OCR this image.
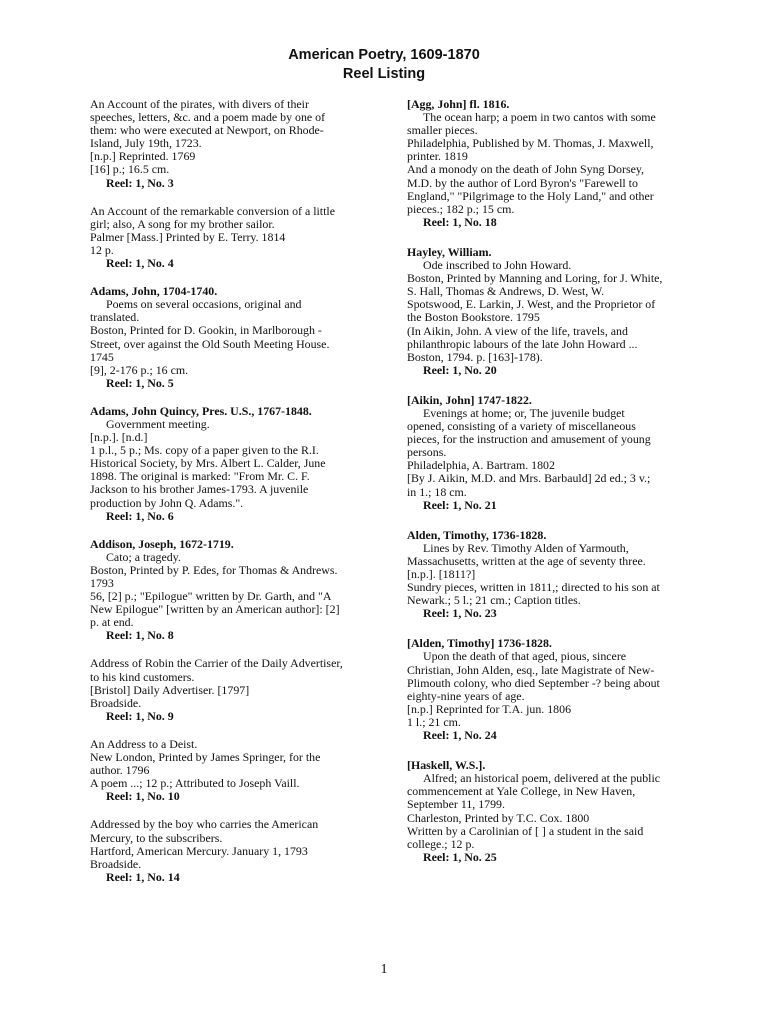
American Poetry, 1609-1870
Reel Listing
An Account of the pirates, with divers of their
speeches, letters, &c. and a poem made by one of
them: who were executed at Newport, on Rhode-
Island, July 19th, 1723.
[n.p.] Reprinted. 1769
[16] p.; 16.5 cm.
Reel: 1, No. 3
An Account of the remarkable conversion of a little
girl; also, A song for my brother sailor.
Palmer [Mass.] Printed by E. Terry. 1814
12 p.
Reel: 1, No. 4
Adams, John, 1704-1740.
Poems on several occasions, original and
translated.
Boston, Printed for D. Gookin, in Marlborough -
Street, over against the Old South Meeting House.
1745
[9], 2-176 p.; 16 cm.
Reel: 1, No. 5
Adams, John Quincy, Pres. U.S., 1767-1848.
Government meeting.
[n.p.]. [n.d.]
1 p.l., 5 p.; Ms. copy of a paper given to the R.I.
Historical Society, by Mrs. Albert L. Calder, June
1898. The original is marked: "From Mr. C. F.
Jackson to his brother James-1793. A juvenile
production by John Q. Adams.".
Reel: 1, No. 6
Addison, Joseph, 1672-1719.
Cato; a tragedy.
Boston, Printed by P. Edes, for Thomas & Andrews.
1793
56, [2] p.; "Epilogue" written by Dr. Garth, and "A
New Epilogue" [written by an American author]: [2]
p. at end.
Reel: 1, No. 8
Address of Robin the Carrier of the Daily Advertiser,
to his kind customers.
[Bristol] Daily Advertiser. [1797]
Broadside.
Reel: 1, No. 9
An Address to a Deist.
New London, Printed by James Springer, for the
author. 1796
A poem ...; 12 p.; Attributed to Joseph Vaill.
Reel: 1, No. 10
Addressed by the boy who carries the American
Mercury, to the subscribers.
Hartford, American Mercury. January 1, 1793
Broadside.
Reel: 1, No. 14
[Agg, John] fl. 1816.
The ocean harp; a poem in two cantos with some
smaller pieces.
Philadelphia, Published by M. Thomas, J. Maxwell,
printer. 1819
And a monody on the death of John Syng Dorsey,
M.D. by the author of Lord Byron's "Farewell to
England," "Pilgrimage to the Holy Land," and other
pieces.; 182 p.; 15 cm.
Reel: 1, No. 18
Hayley, William.
Ode inscribed to John Howard.
Boston, Printed by Manning and Loring, for J. White,
S. Hall, Thomas & Andrews, D. West, W.
Spotswood, E. Larkin, J. West, and the Proprietor of
the Boston Bookstore. 1795
(In Aikin, John. A view of the life, travels, and
philanthropic labours of the late John Howard ...
Boston, 1794. p. [163]-178).
Reel: 1, No. 20
[Aikin, John] 1747-1822.
Evenings at home; or, The juvenile budget
opened, consisting of a variety of miscellaneous
pieces, for the instruction and amusement of young
persons.
Philadelphia, A. Bartram. 1802
[By J. Aikin, M.D. and Mrs. Barbauld] 2d ed.; 3 v.;
in 1.; 18 cm.
Reel: 1, No. 21
Alden, Timothy, 1736-1828.
Lines by Rev. Timothy Alden of Yarmouth,
Massachusetts, written at the age of seventy three.
[n.p.]. [1811?]
Sundry pieces, written in 1811,; directed to his son at
Newark.; 5 l.; 21 cm.; Caption titles.
Reel: 1, No. 23
[Alden, Timothy] 1736-1828.
Upon the death of that aged, pious, sincere
Christian, John Alden, esq., late Magistrate of New-
Plimouth colony, who died September -? being about
eighty-nine years of age.
[n.p.] Reprinted for T.A. jun. 1806
1 l.; 21 cm.
Reel: 1, No. 24
[Haskell, W.S.].
Alfred; an historical poem, delivered at the public
commencement at Yale College, in New Haven,
September 11, 1799.
Charleston, Printed by T.C. Cox. 1800
Written by a Carolinian of [ ] a student in the said
college.; 12 p.
Reel: 1, No. 25
1
